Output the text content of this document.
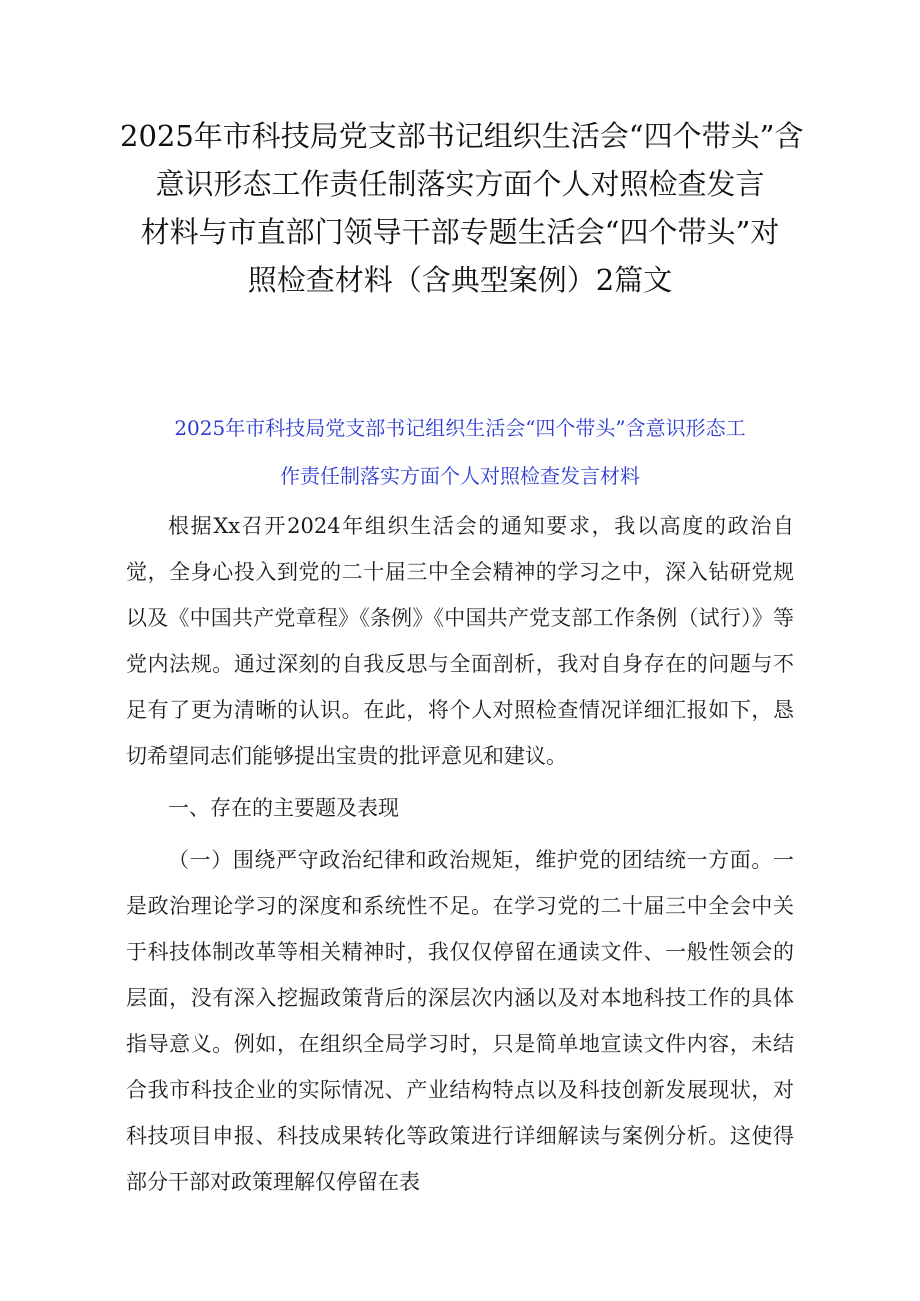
2025年市科技局党支部书记组织生活会“四个带头”含
意识形态工作责任制落实方面个人对照检查发言
材料与市直部门领导干部专题生活会“四个带头”对
照检查材料（含典型案例）2篇文
2025年市科技局党支部书记组织生活会“四个带头”含意识形态工
作责任制落实方面个人对照检查发言材料

根据Xx召开2024年组织生活会的通知要求，我以高度的政治自觉，全身心投入到党的二十届三中全会精神的学习之中，深入钻研党规以及《中国共产党章程》《条例》《中国共产党支部工作条例（试行）》等党内法规。通过深刻的自我反思与全面剖析，我对自身存在的问题与不足有了更为清晰的认识。在此，将个人对照检查情况详细汇报如下，恳切希望同志们能够提出宝贵的批评意见和建议。

一、存在的主要题及表现

（一）围绕严守政治纪律和政治规矩，维护党的团结统一方面。一是政治理论学习的深度和系统性不足。在学习党的二十届三中全会中关于科技体制改革等相关精神时，我仅仅停留在通读文件、一般性领会的层面，没有深入挖掘政策背后的深层次内涵以及对本地科技工作的具体指导意义。例如，在组织全局学习时，只是简单地宣读文件内容，未结合我市科技企业的实际情况、产业结构特点以及科技创新发展现状，对科技项目申报、科技成果转化等政策进行详细解读与案例分析。这使得部分干部对政策理解仅停留在表
